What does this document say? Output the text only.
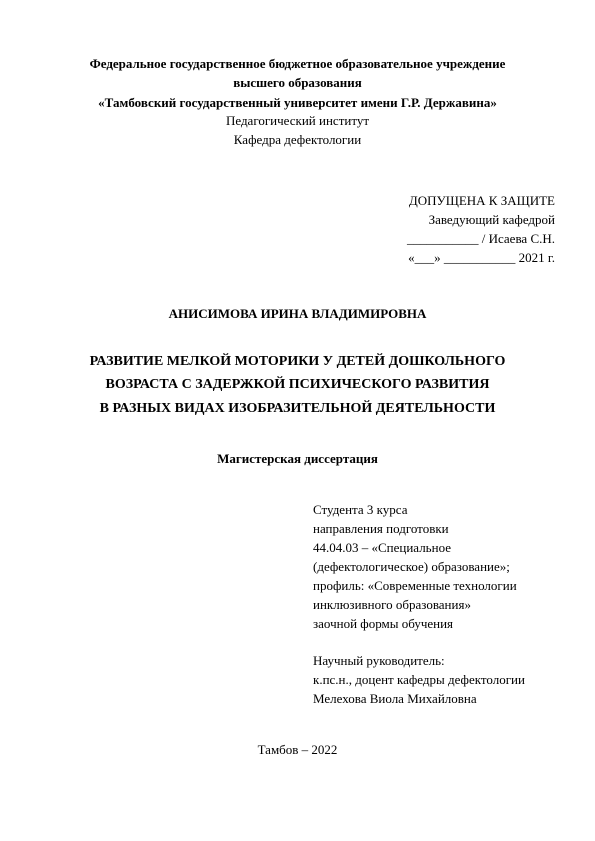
Федеральное государственное бюджетное образовательное учреждение
высшего образования
«Тамбовский государственный университет имени Г.Р. Державина»
Педагогический институт
Кафедра дефектологии
ДОПУЩЕНА К ЗАЩИТЕ
Заведующий кафедрой
___________ / Исаева С.Н.
«___» ___________ 2021 г.
АНИСИМОВА ИРИНА ВЛАДИМИРОВНА
РАЗВИТИЕ МЕЛКОЙ МОТОРИКИ У ДЕТЕЙ ДОШКОЛЬНОГО
ВОЗРАСТА С ЗАДЕРЖКОЙ ПСИХИЧЕСКОГО РАЗВИТИЯ
В РАЗНЫХ ВИДАХ ИЗОБРАЗИТЕЛЬНОЙ ДЕЯТЕЛЬНОСТИ
Магистерская диссертация
Студента 3 курса
направления подготовки
44.04.03 – «Специальное
(дефектологическое) образование»;
профиль: «Современные технологии
инклюзивного образования»
заочной формы обучения
Научный руководитель:
к.пс.н., доцент кафедры дефектологии
Мелехова Виола Михайловна
Тамбов – 2022
